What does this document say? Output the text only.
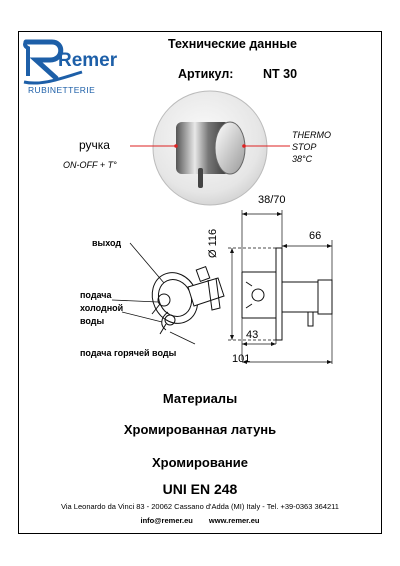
Remer
RUBINETTERIE
Технические данные
Артикул: NT 30
ручка
ON-OFF + T°
THERMO
STOP
38°C
выход
подача
холодной
воды
подача горячей воды
38/70
66
Ø 116
43
101
Материалы
Хромированная латунь
Хромирование
UNI EN 248
Via Leonardo da Vinci 83 - 20062 Cassano d'Adda (MI) Italy - Tel. +39-0363 364211
info@remer.eu www.remer.eu
